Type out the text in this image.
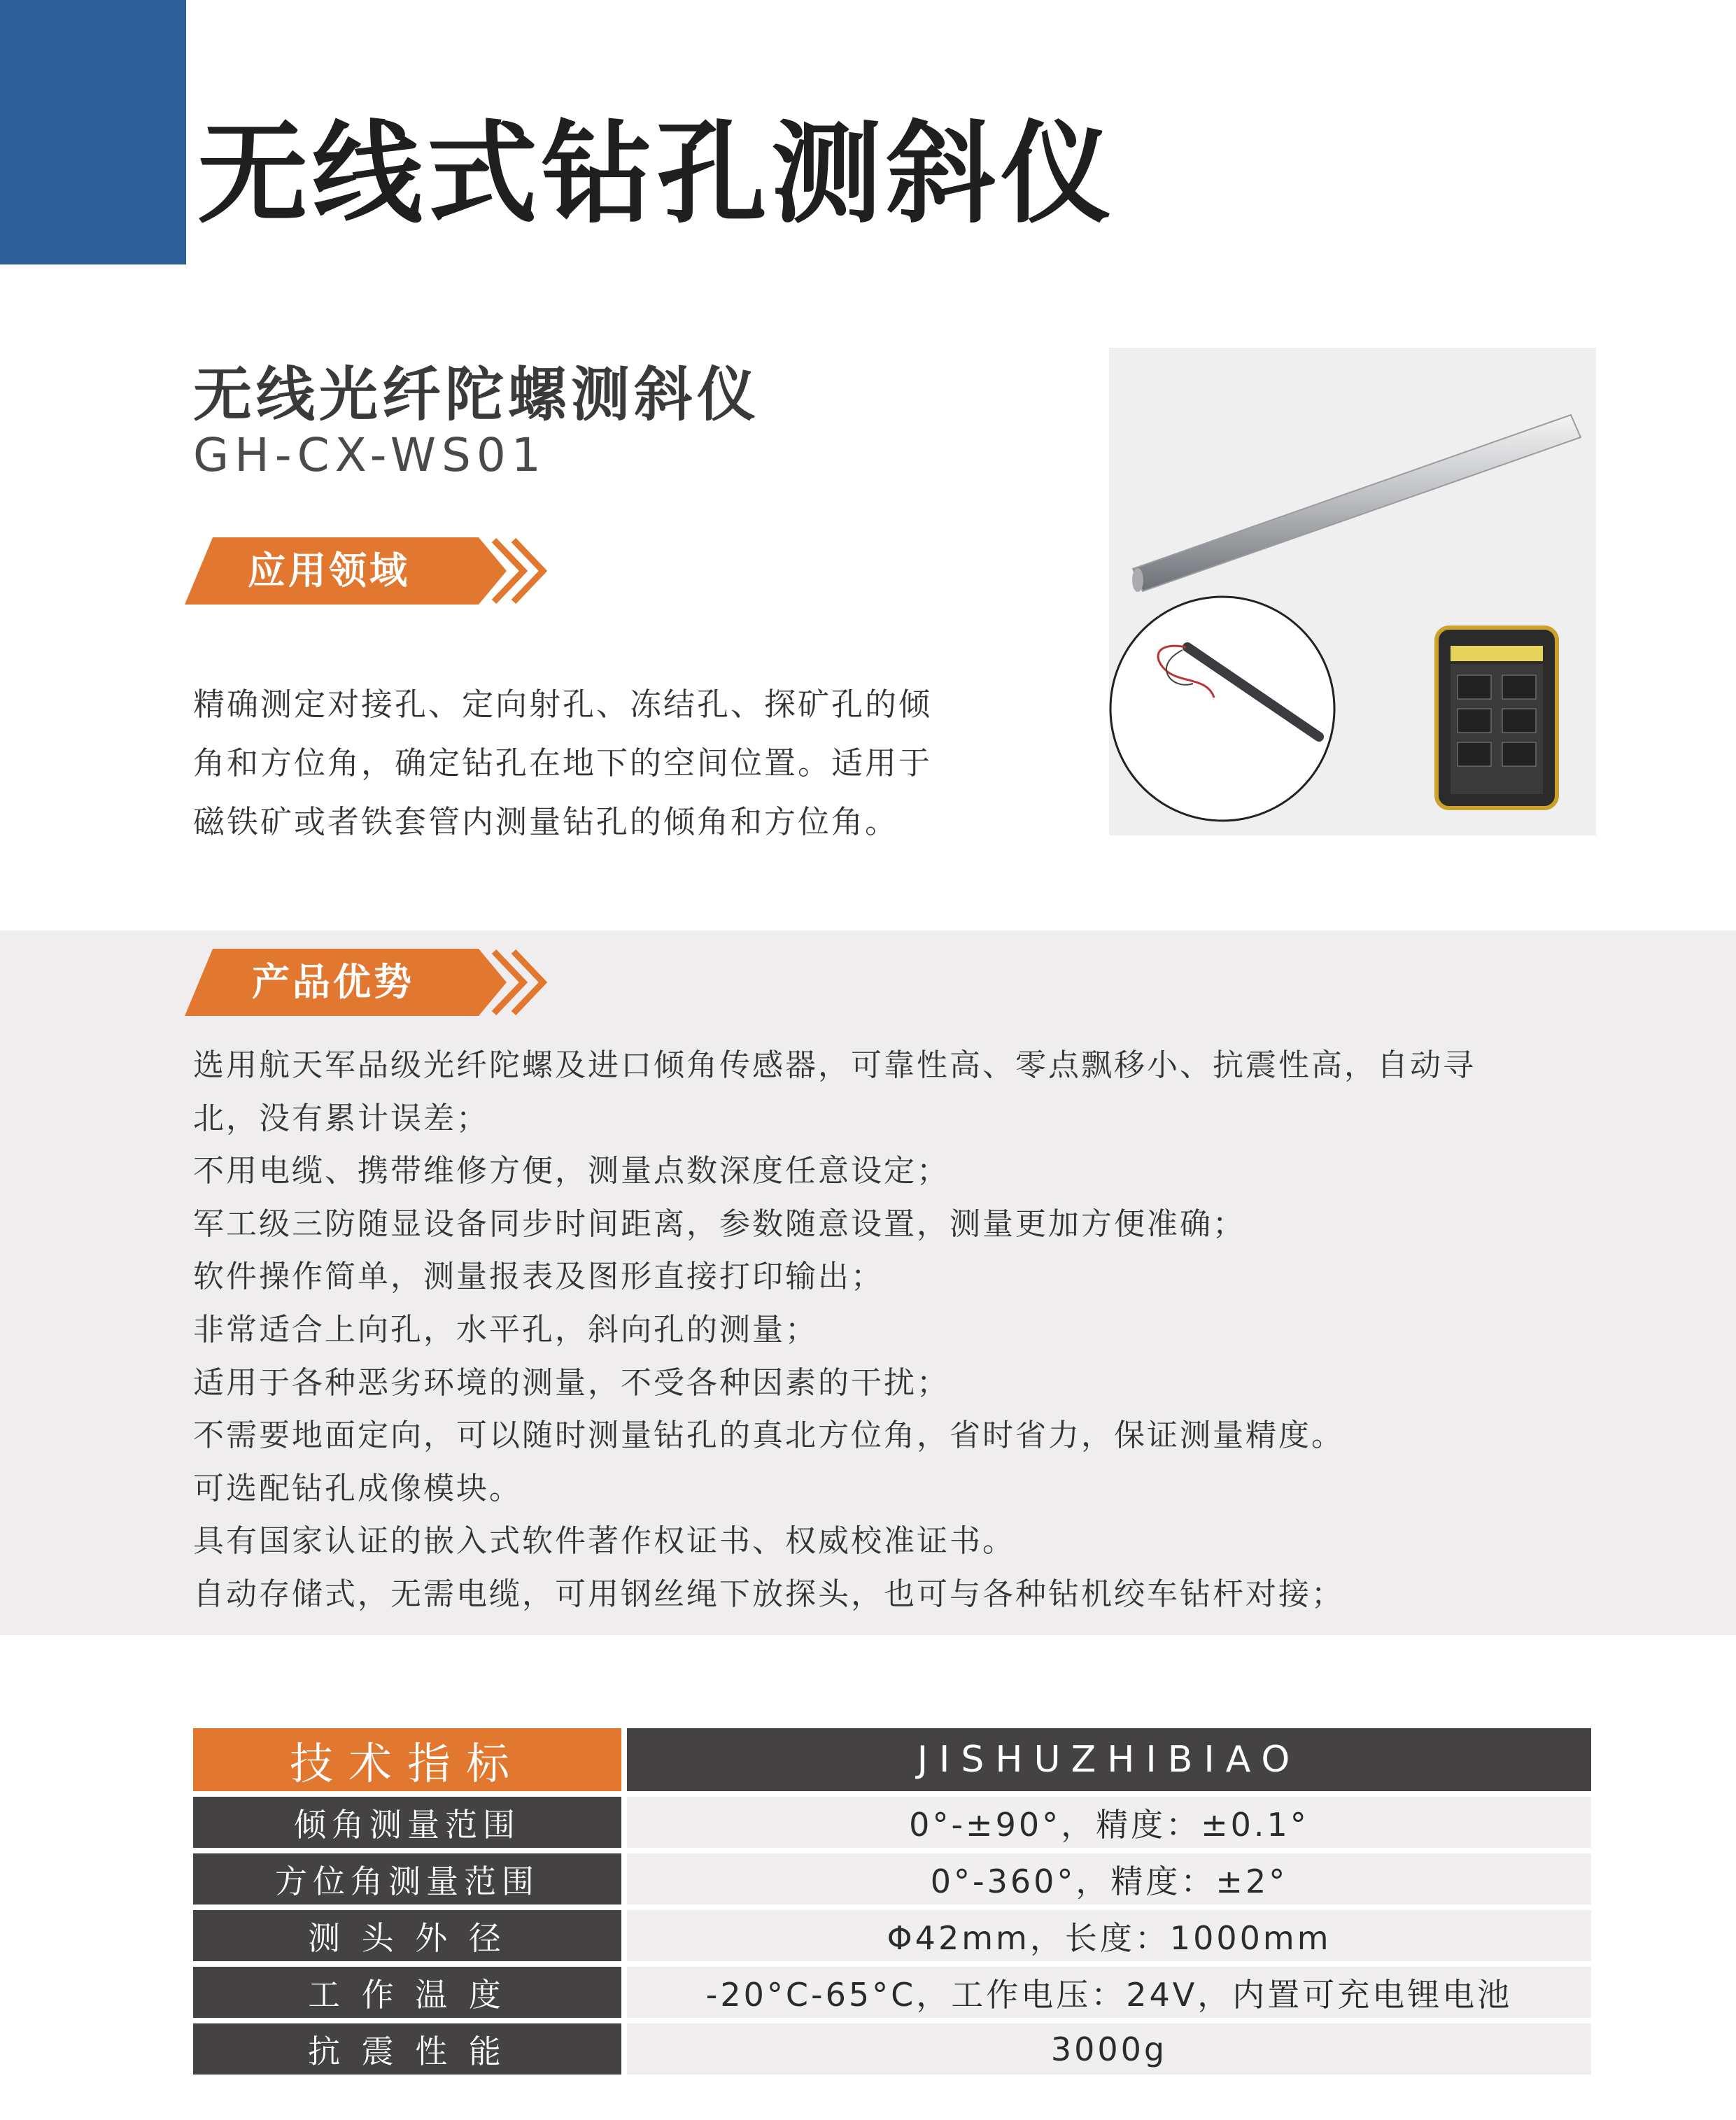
无线式钻孔测斜仪
无线光纤陀螺测斜仪
GH-CX-WS01
应用领域
精确测定对接孔、定向射孔、冻结孔、探矿孔的倾
角和方位角，确定钻孔在地下的空间位置。适用于
磁铁矿或者铁套管内测量钻孔的倾角和方位角。
产品优势
选用航天军品级光纤陀螺及进口倾角传感器，可靠性高、零点飘移小、抗震性高，自动寻
北，没有累计误差；
不用电缆、携带维修方便，测量点数深度任意设定；
军工级三防随显设备同步时间距离，参数随意设置，测量更加方便准确；
软件操作简单，测量报表及图形直接打印输出；
非常适合上向孔，水平孔，斜向孔的测量；
适用于各种恶劣环境的测量，不受各种因素的干扰；
不需要地面定向，可以随时测量钻孔的真北方位角，省时省力，保证测量精度。
可选配钻孔成像模块。
具有国家认证的嵌入式软件著作权证书、权威校准证书。
自动存储式，无需电缆，可用钢丝绳下放探头，也可与各种钻机绞车钻杆对接；
技术指标	JISHUZHIBIAO
倾角测量范围	0°-±90°，精度：±0.1°
方位角测量范围	0°-360°，精度：±2°
测 头 外 径	Φ42mm，长度：1000mm
工 作 温 度	-20°C-65°C，工作电压：24V，内置可充电锂电池
抗 震 性 能	3000g
